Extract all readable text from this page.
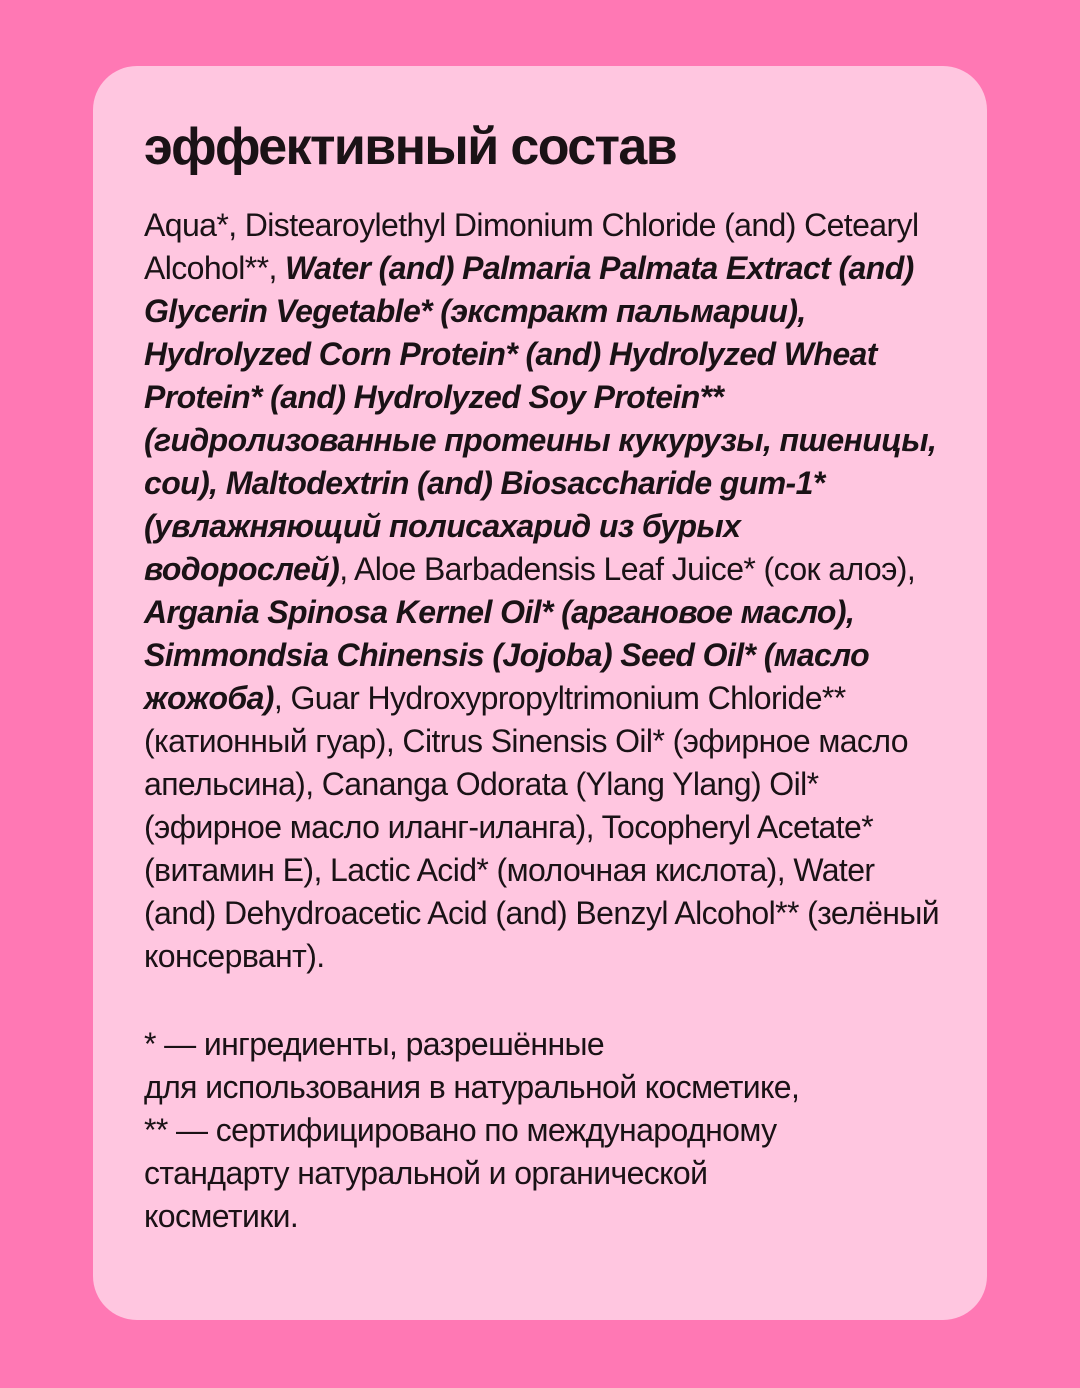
эффективный состав

Aqua*, Distearoylethyl Dimonium Chloride (and) Cetearyl Alcohol**, Water (and) Palmaria Palmata Extract (and) Glycerin Vegetable* (экстракт пальмарии), Hydrolyzed Corn Protein* (and) Hydrolyzed Wheat Protein* (and) Hydrolyzed Soy Protein** (гидролизованные протеины кукурузы, пшеницы, сои), Maltodextrin (and) Biosaccharide gum-1* (увлажняющий полисахарид из бурых водорослей), Aloe Barbadensis Leaf Juice* (сок алоэ), Argania Spinosa Kernel Oil* (аргановое масло), Simmondsia Chinensis (Jojoba) Seed Oil* (масло жожоба), Guar Hydroxypropyltrimonium Chloride** (катионный гуар), Citrus Sinensis Oil* (эфирное масло апельсина), Cananga Odorata (Ylang Ylang) Oil* (эфирное масло иланг-иланга), Tocopheryl Acetate* (витамин Е), Lactic Acid* (молочная кислота), Water (and) Dehydroacetic Acid (and) Benzyl Alcohol** (зелёный консервант).

* — ингредиенты, разрешённые
для использования в натуральной косметике,
** — сертифицировано по международному
стандарту натуральной и органической
косметики.
